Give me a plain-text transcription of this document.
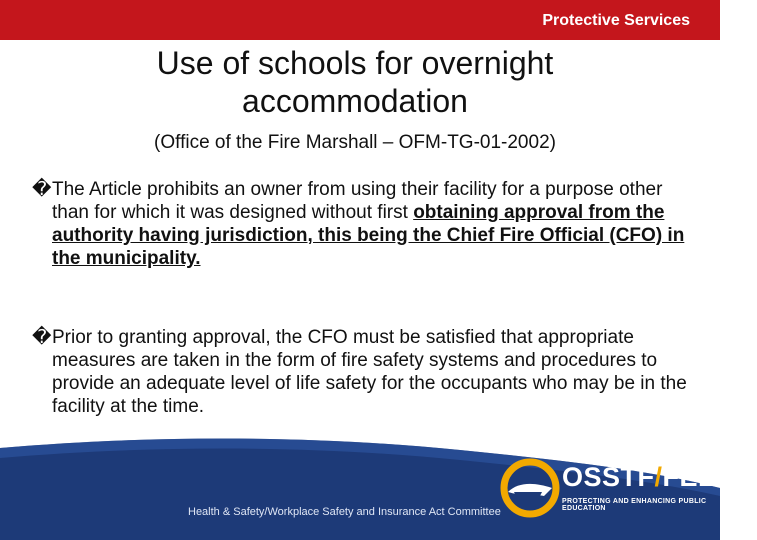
Protective Services
Use of schools for overnight
accommodation
(Office of the Fire Marshall – OFM-TG-01-2002)
� The Article prohibits an owner from using their facility for a purpose other than for which it was designed without first obtaining approval from the authority having jurisdiction, this being the Chief Fire Official (CFO) in the municipality.
� Prior to granting approval, the CFO must be satisfied that appropriate measures are taken in the form of fire safety systems and procedures to provide an adequate level of life safety for the occupants who may be in the facility at the time.
Health & Safety/Workplace Safety and Insurance Act Committee
OSSTF/FEESO
PROTECTING AND ENHANCING PUBLIC EDUCATION
